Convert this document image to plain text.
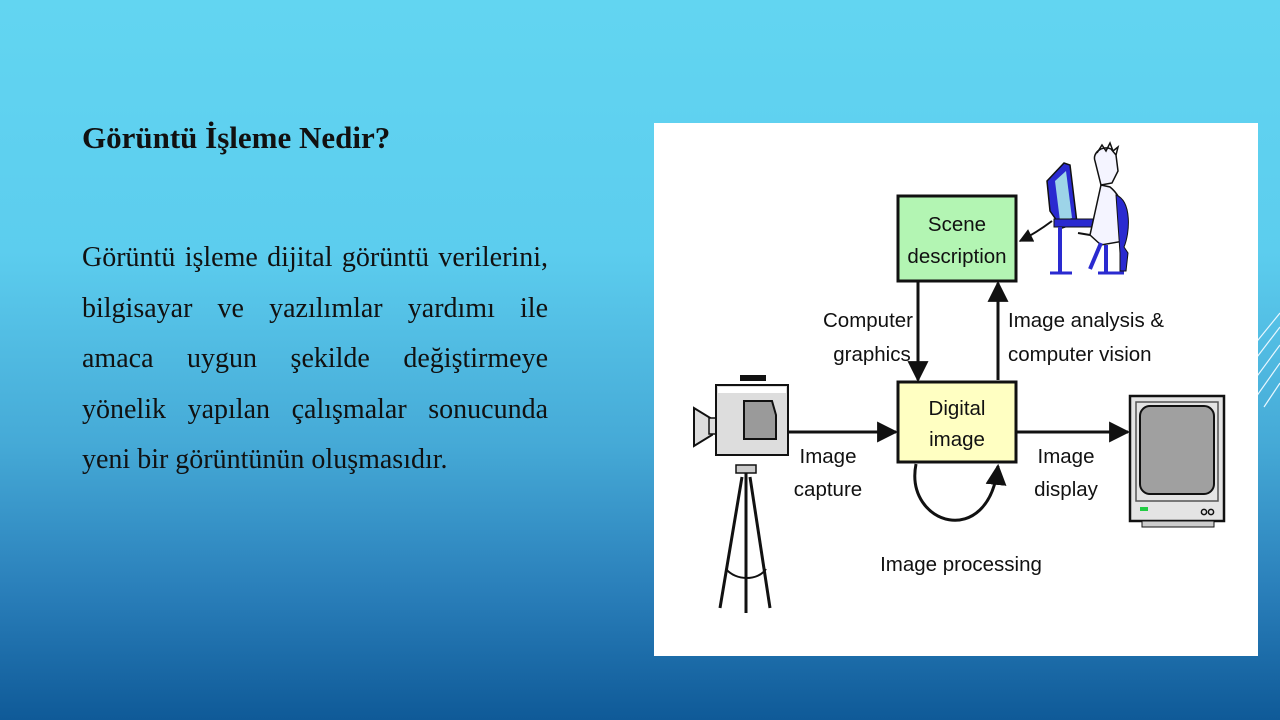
Görüntü İşleme Nedir?

Görüntü işleme dijital görüntü verilerini, bilgisayar ve yazılımlar yardımı ile amaca uygun şekilde değiştirmeye yönelik yapılan çalışmalar sonucunda yeni bir görüntünün oluşmasıdır.

Scene
description
Digital
image
Computer
graphics
Image analysis &
computer vision
Image
capture
Image
display
Image processing
